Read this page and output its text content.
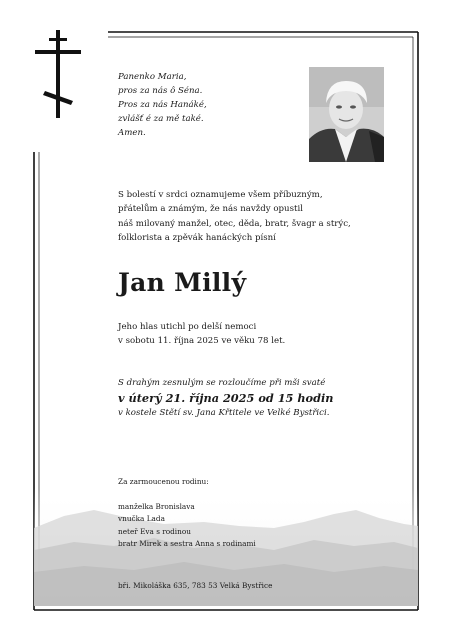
Panenko Maria,
pros za nás ô Séna.
Pros za nás Hanáké,
zvlášť é za mě také.
Amen.
S bolestí v srdci oznamujeme všem příbuzným,
přátelům a známým, že nás navždy opustil
náš milovaný manžel, otec, děda, bratr, švagr a strýc,
folklorista a zpěvák hanáckých písní
Jan Millý
Jeho hlas utichl po delší nemoci
v sobotu 11. října 2025 ve věku 78 let.
S drahým zesnulým se rozloučíme při mši svaté
v úterý 21. října 2025 od 15 hodin
v kostele Stětí sv. Jana Křtitele ve Velké Bystřici.
Za zarmoucenou rodinu:
manželka Bronislava
vnučka Lada
neteř Eva s rodinou
bratr Mirek a sestra Anna s rodinami
bři. Mikoláška 635, 783 53 Velká Bystřice
